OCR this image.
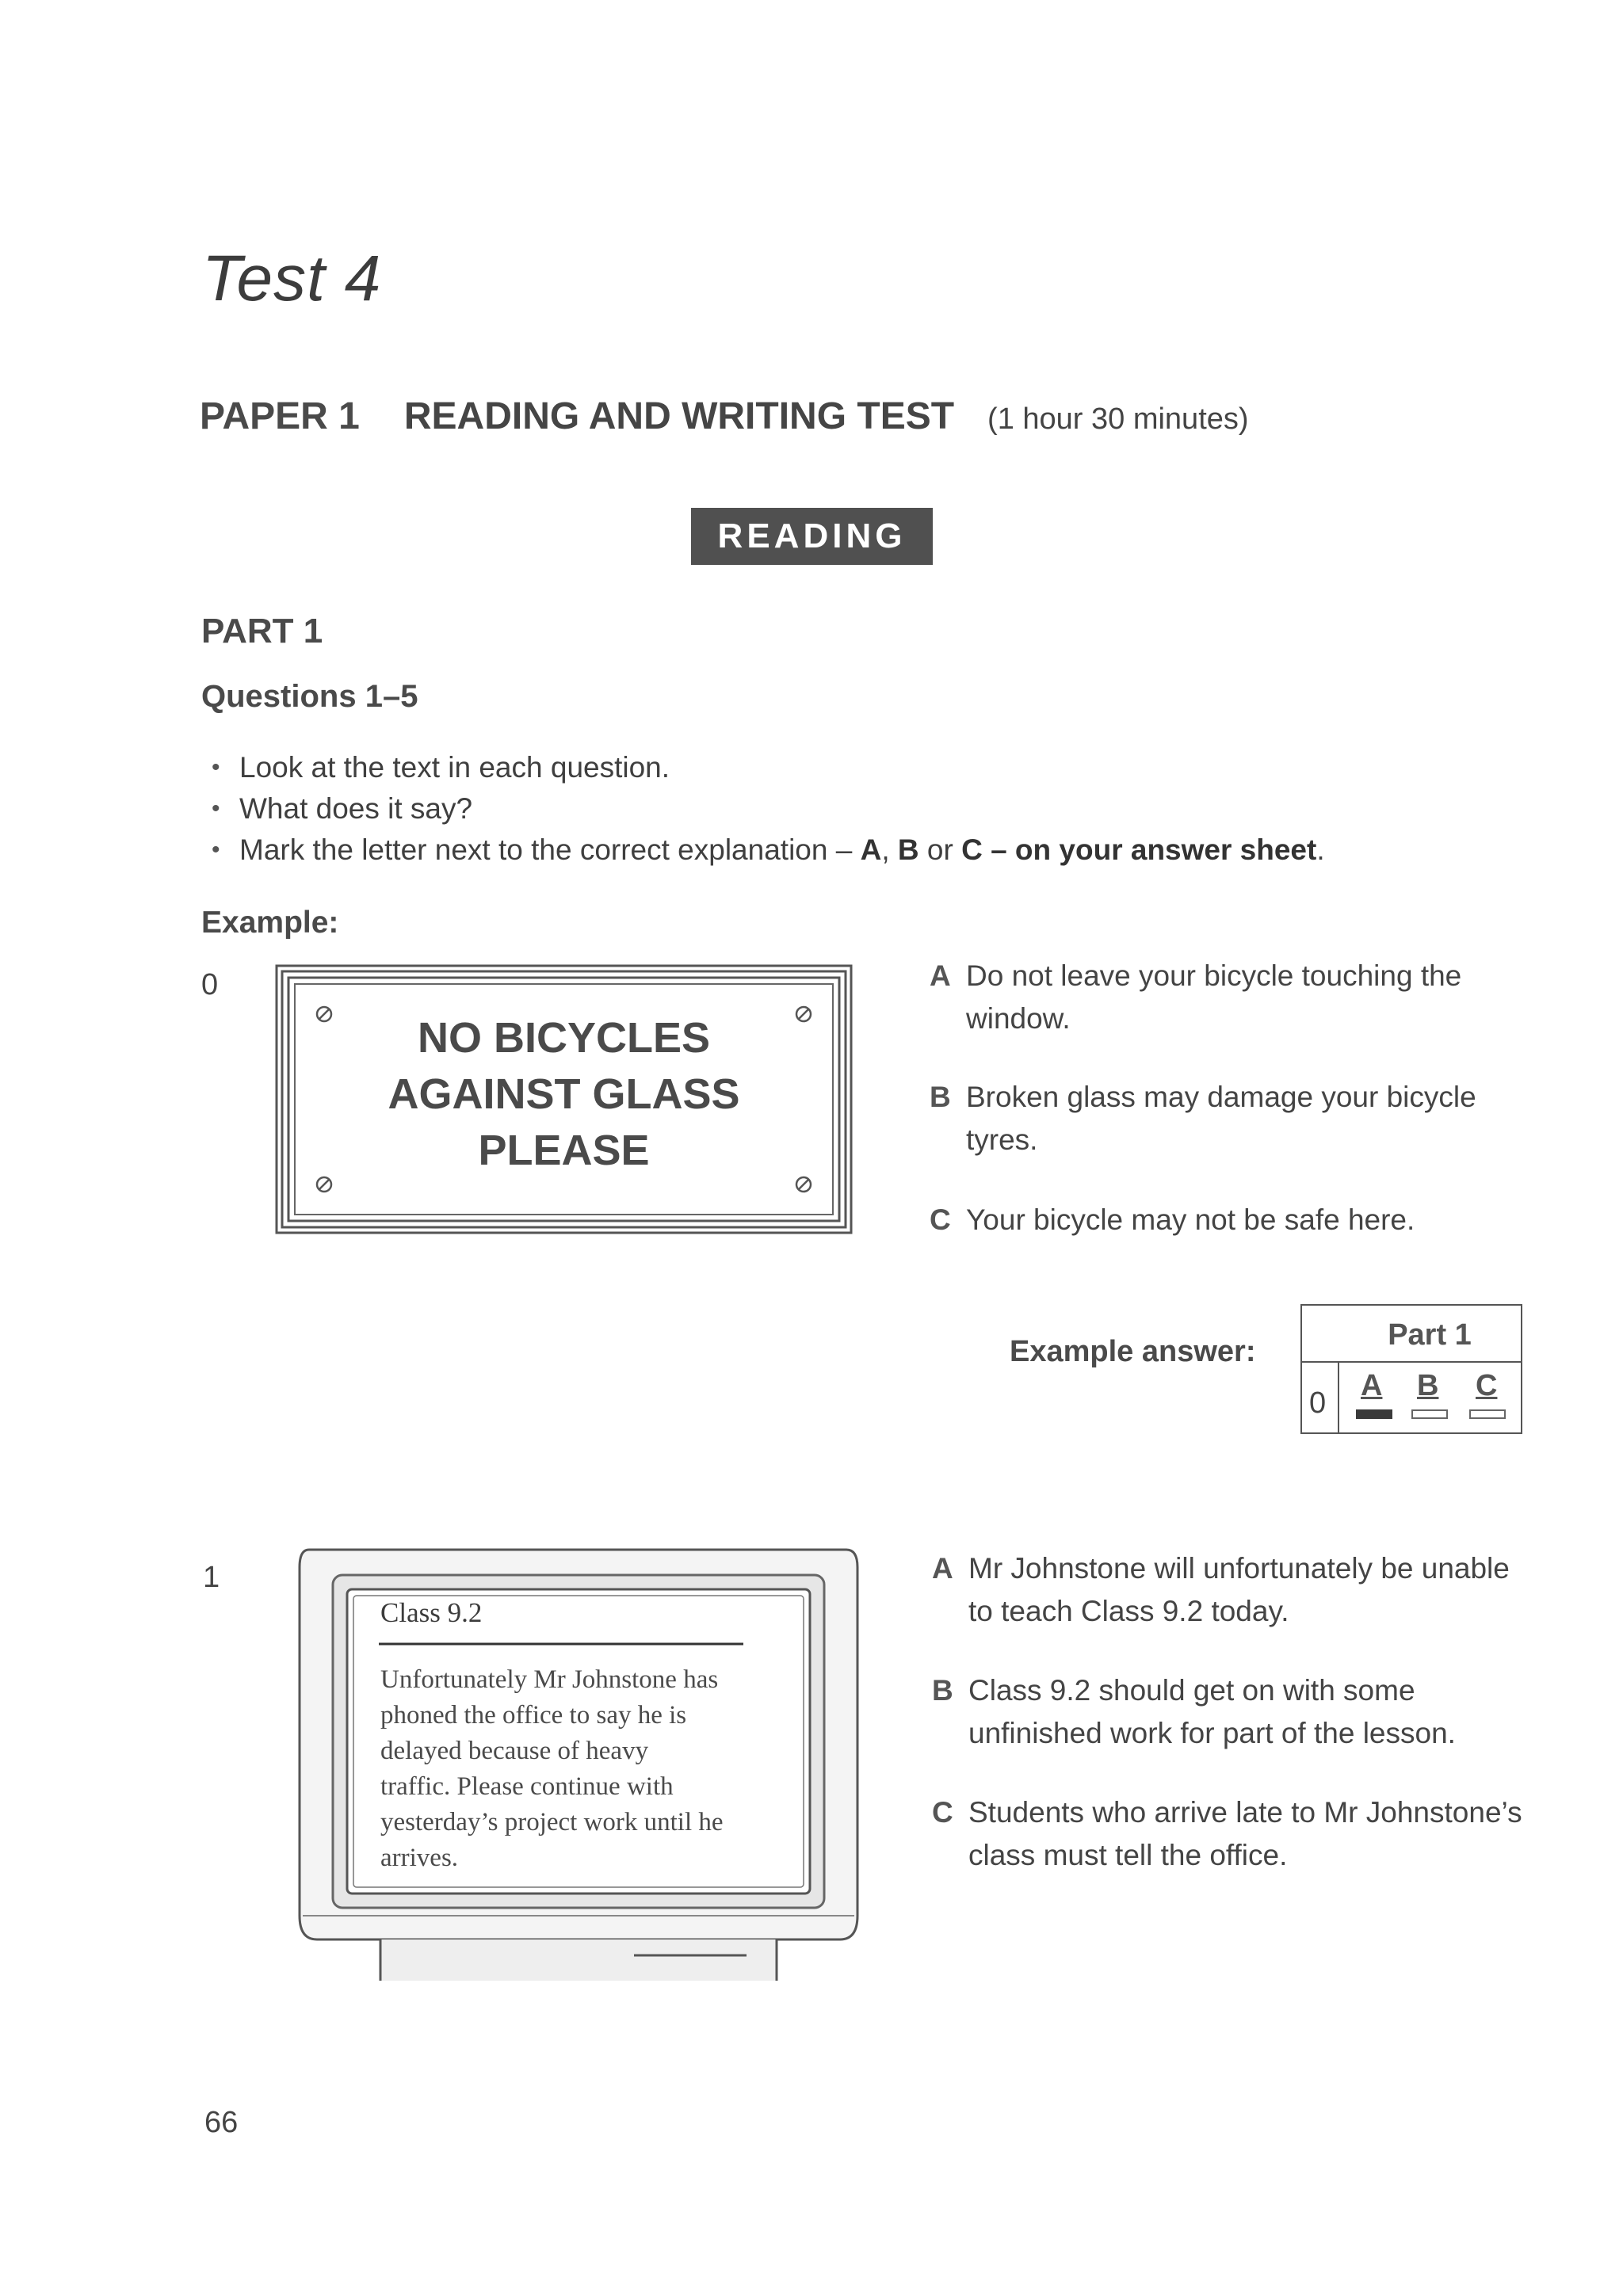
Test 4
PAPER 1 READING AND WRITING TEST (1 hour 30 minutes)
READING
PART 1
Questions 1–5
• Look at the text in each question.
• What does it say?
• Mark the letter next to the correct explanation – A, B or C – on your answer sheet.
Example:
0
NO BICYCLES
AGAINST GLASS
PLEASE
A Do not leave your bicycle touching the window.
B Broken glass may damage your bicycle tyres.
C Your bicycle may not be safe here.
Example answer:	Part 1
0
A B C
1
Class 9.2
Unfortunately Mr Johnstone has
phoned the office to say he is
delayed because of heavy
traffic. Please continue with
yesterday’s project work until he
arrives.
A Mr Johnstone will unfortunately be unable to teach Class 9.2 today.
B Class 9.2 should get on with some unfinished work for part of the lesson.
C Students who arrive late to Mr Johnstone’s class must tell the office.
66
